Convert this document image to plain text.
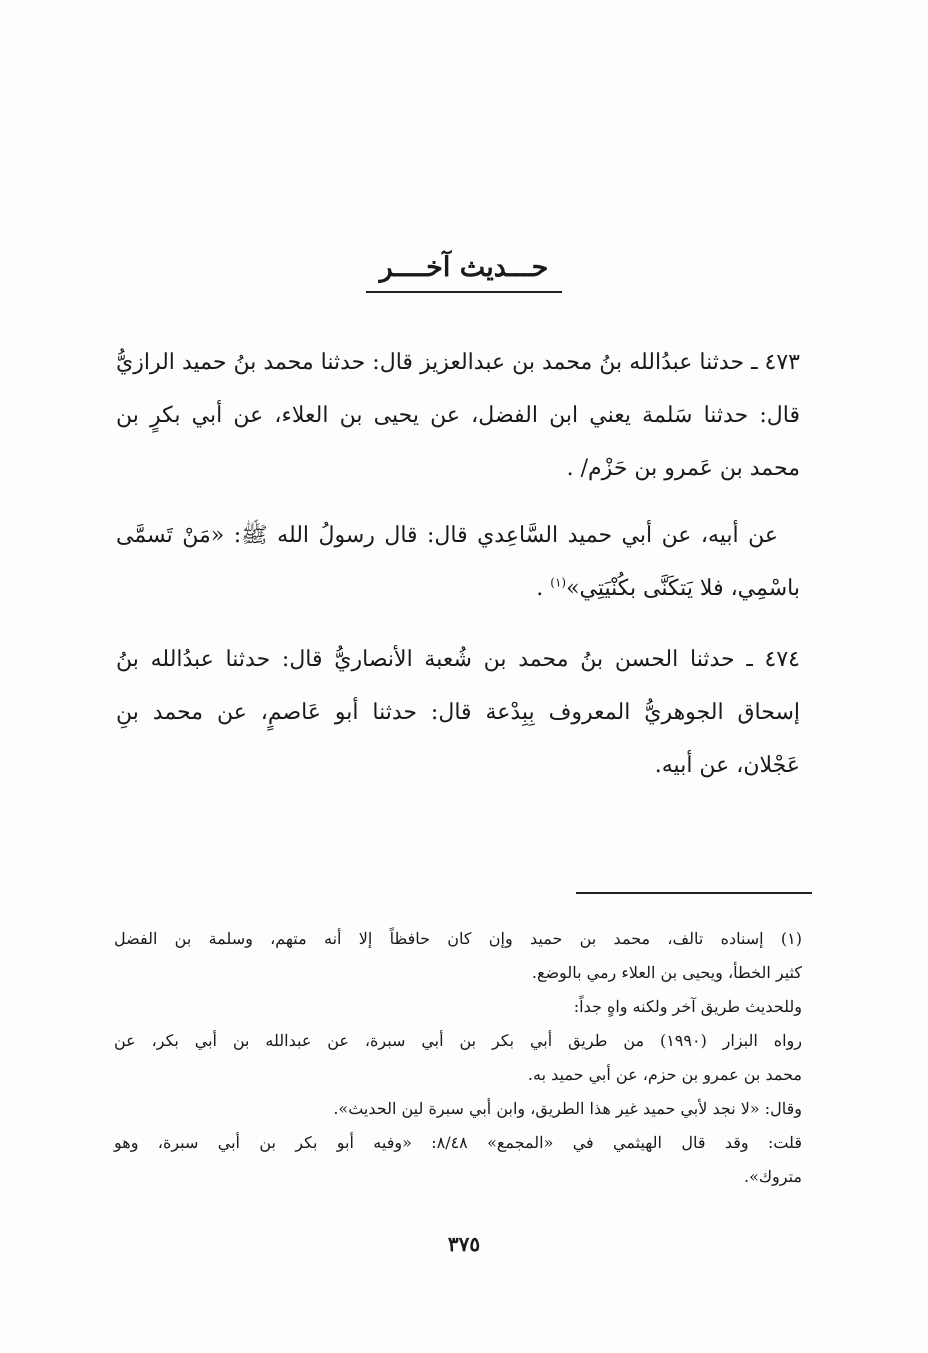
حـــديث آخــــر

٤٧٣ ـ حدثنا عبدُالله بنُ محمد بن عبدالعزيز قال: حدثنا محمد بنُ حميد الرازيُّ قال: حدثنا سَلمة يعني ابن الفضل، عن يحيى بن العلاء، عن أبي بكرٍ بن محمد بن عَمرو بن حَزْم/ .

عن أبيه، عن أبي حميد السَّاعِدي قال: قال رسولُ الله ﷺ: «مَنْ تَسمَّى باسْمِي، فلا يَتكَنَّى بكُنْيَتِي»$^{(١)}$ .

٤٧٤ ـ حدثنا الحسن بنُ محمد بن شُعبة الأنصاريُّ قال: حدثنا عبدُالله بنُ إسحاق الجوهريُّ المعروف بِبِدْعة قال: حدثنا أبو عَاصمٍ، عن محمد بنِ عَجْلان، عن أبيه.

(١) إسناده تالف، محمد بن حميد وإن كان حافظاً إلا أنه متهم، وسلمة بن الفضل

كثير الخطأ، ويحيى بن العلاء رمي بالوضع.

وللحديث طريق آخر ولكنه واهٍ جداً:

رواه البزار (١٩٩٠) من طريق أبي بكر بن أبي سبرة، عن عبدالله بن أبي بكر، عن

محمد بن عمرو بن حزم، عن أبي حميد به.

وقال: «لا نجد لأبي حميد غير هذا الطريق، وابن أبي سبرة لين الحديث».

قلت: وقد قال الهيثمي في «المجمع» ٨/٤٨: «وفيه أبو بكر بن أبي سبرة، وهو

متروك».

٣٧٥
